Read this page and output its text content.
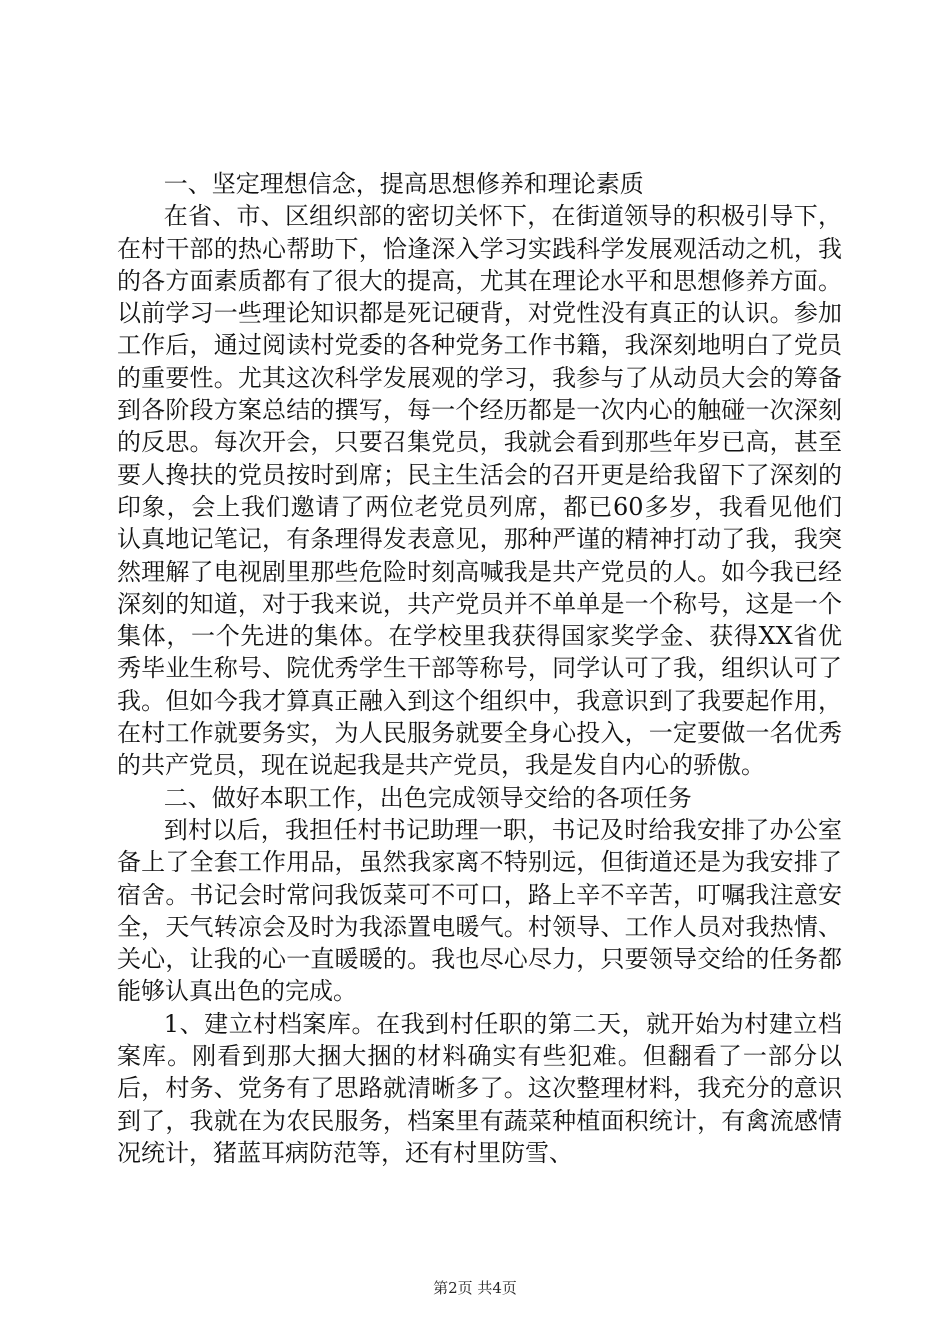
一、坚定理想信念，提高思想修养和理论素质

在省、市、区组织部的密切关怀下，在街道领导的积极引导下，在村干部的热心帮助下，恰逢深入学习实践科学发展观活动之机，我的各方面素质都有了很大的提高，尤其在理论水平和思想修养方面。以前学习一些理论知识都是死记硬背，对党性没有真正的认识。参加工作后，通过阅读村党委的各种党务工作书籍，我深刻地明白了党员的重要性。尤其这次科学发展观的学习，我参与了从动员大会的筹备到各阶段方案总结的撰写，每一个经历都是一次内心的触碰一次深刻的反思。每次开会，只要召集党员，我就会看到那些年岁已高，甚至要人搀扶的党员按时到席；民主生活会的召开更是给我留下了深刻的印象，会上我们邀请了两位老党员列席，都已60多岁，我看见他们认真地记笔记，有条理得发表意见，那种严谨的精神打动了我，我突然理解了电视剧里那些危险时刻高喊我是共产党员的人。如今我已经深刻的知道，对于我来说，共产党员并不单单是一个称号，这是一个集体，一个先进的集体。在学校里我获得国家奖学金、获得XX省优秀毕业生称号、院优秀学生干部等称号，同学认可了我，组织认可了我。但如今我才算真正融入到这个组织中，我意识到了我要起作用，在村工作就要务实，为人民服务就要全身心投入，一定要做一名优秀的共产党员，现在说起我是共产党员，我是发自内心的骄傲。

二、做好本职工作，出色完成领导交给的各项任务

到村以后，我担任村书记助理一职，书记及时给我安排了办公室备上了全套工作用品，虽然我家离不特别远，但街道还是为我安排了宿舍。书记会时常问我饭菜可不可口，路上辛不辛苦，叮嘱我注意安全，天气转凉会及时为我添置电暖气。村领导、工作人员对我热情、关心，让我的心一直暖暖的。我也尽心尽力，只要领导交给的任务都能够认真出色的完成。

1、建立村档案库。在我到村任职的第二天，就开始为村建立档案库。刚看到那大捆大捆的材料确实有些犯难。但翻看了一部分以后，村务、党务有了思路就清晰多了。这次整理材料，我充分的意识到了，我就在为农民服务，档案里有蔬菜种植面积统计，有禽流感情况统计，猪蓝耳病防范等，还有村里防雪、

第2页 共4页
